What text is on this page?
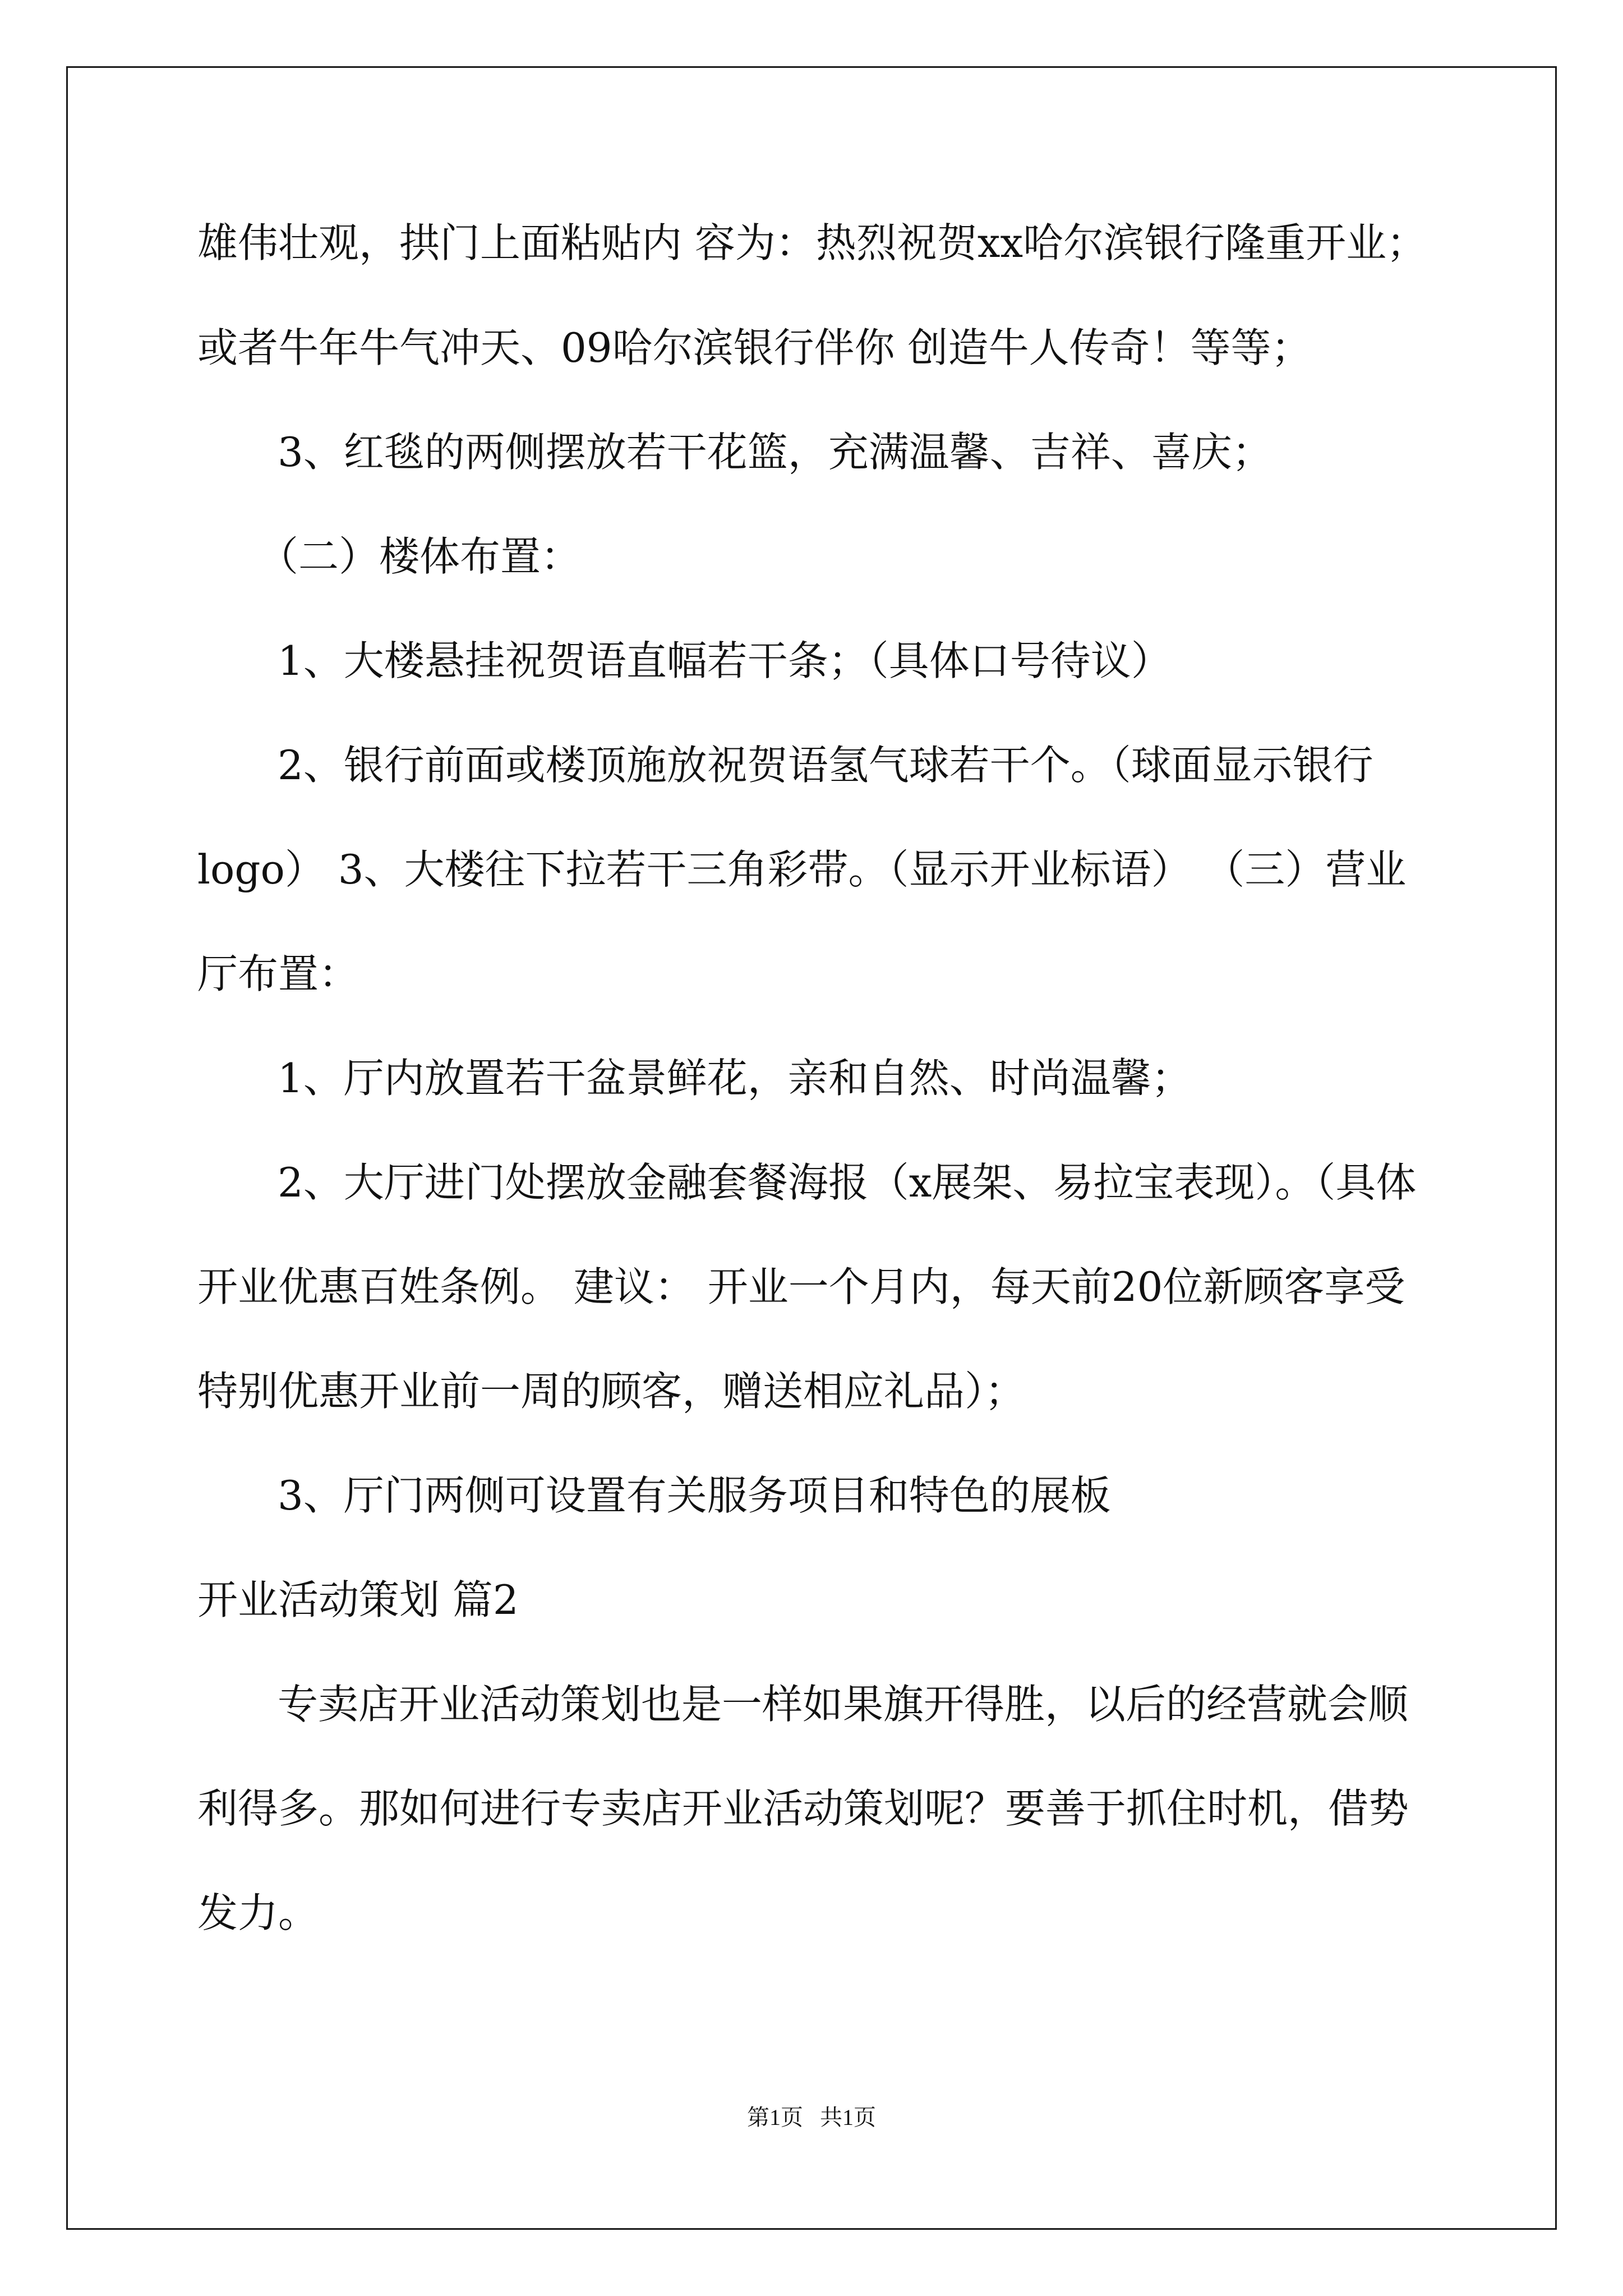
雄伟壮观，拱门上面粘贴内 容为：热烈祝贺xx哈尔滨银行隆重开业；
或者牛年牛气冲天、09哈尔滨银行伴你 创造牛人传奇！等等；
3、红毯的两侧摆放若干花篮，充满温馨、吉祥、喜庆；
（二）楼体布置：
1、大楼悬挂祝贺语直幅若干条；（具体口号待议）
2、银行前面或楼顶施放祝贺语氢气球若干个。（球面显示银行
logo） 3、大楼往下拉若干三角彩带。（显示开业标语） （三）营业
厅布置：
1、厅内放置若干盆景鲜花，亲和自然、时尚温馨；
2、大厅进门处摆放金融套餐海报（x展架、易拉宝表现）。（具体
开业优惠百姓条例。 建议： 开业一个月内，每天前20位新顾客享受
特别优惠开业前一周的顾客，赠送相应礼品）；
3、厅门两侧可设置有关服务项目和特色的展板
开业活动策划 篇2
专卖店开业活动策划也是一样如果旗开得胜，以后的经营就会顺
利得多。那如何进行专卖店开业活动策划呢？要善于抓住时机，借势
发力。
第1页   共1页
